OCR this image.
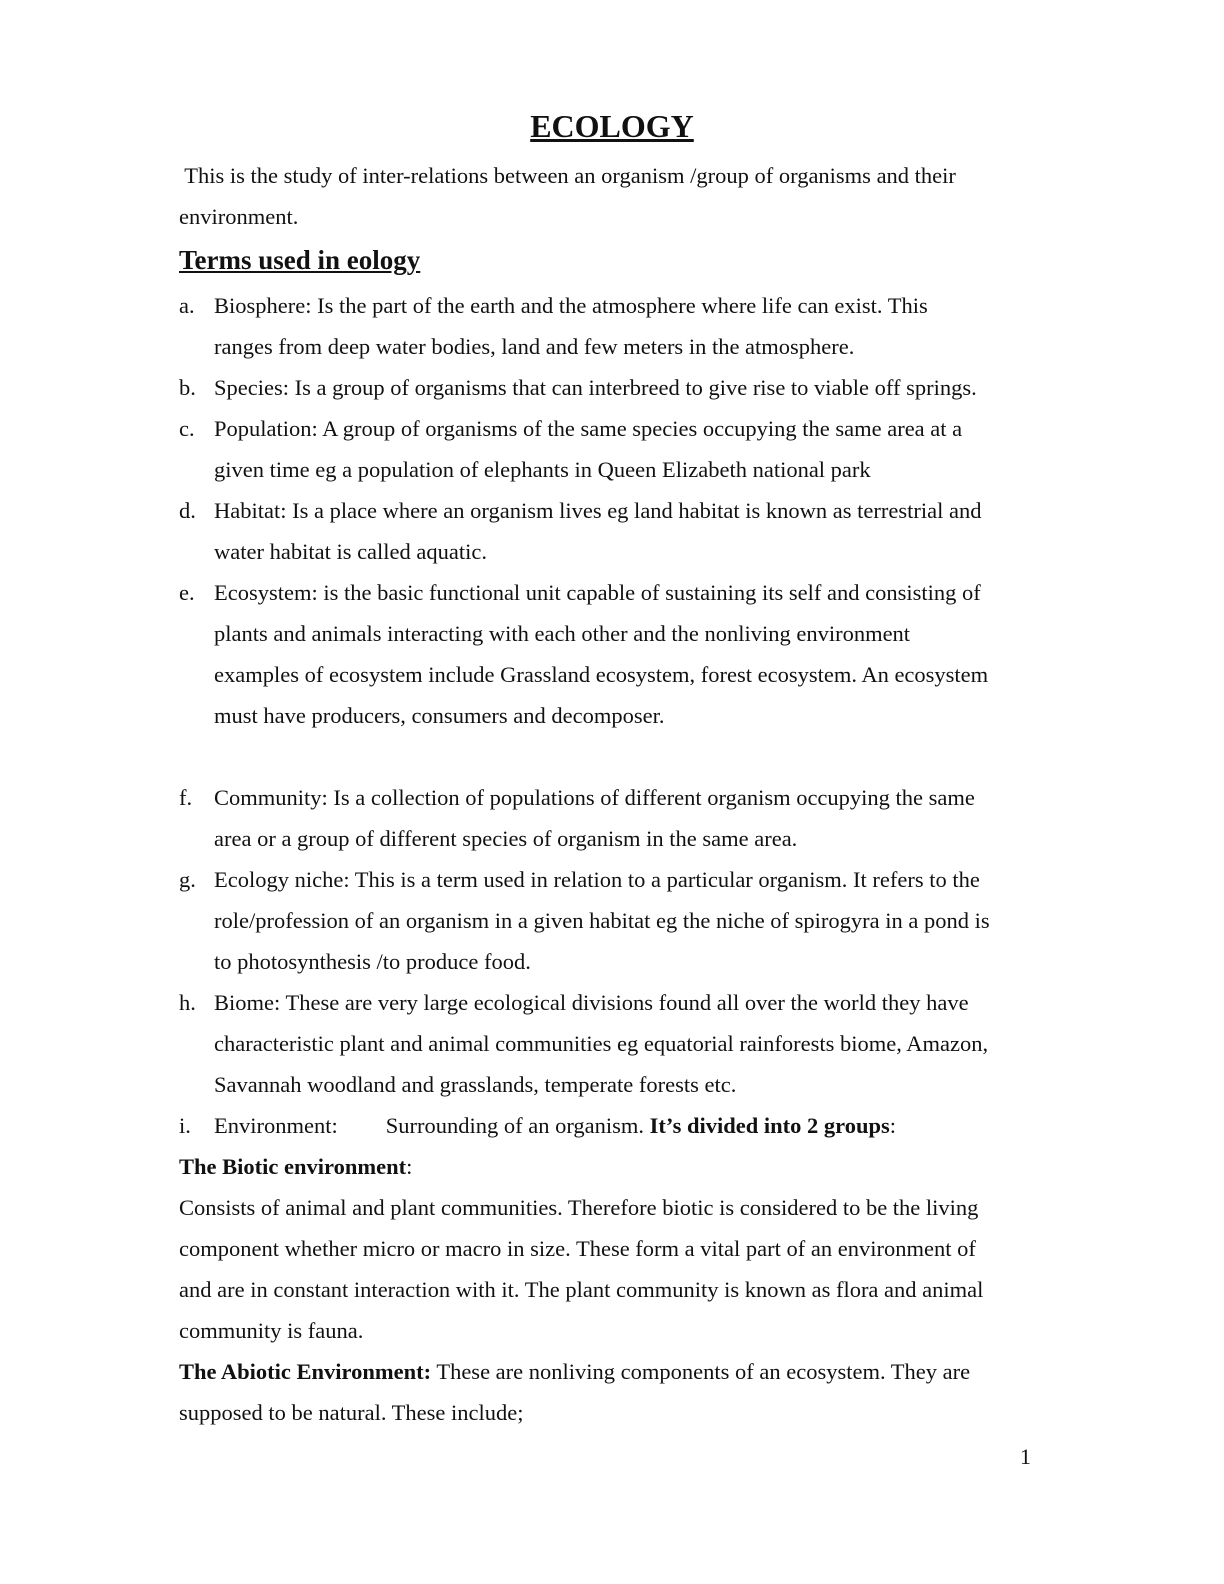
ECOLOGY
This is the study of inter-relations between an organism /group of organisms and their
environment.
Terms used in eology
a. Biosphere: Is the part of the earth and the atmosphere where life can exist. This
ranges from deep water bodies, land and few meters in the atmosphere.
b. Species: Is a group of organisms that can interbreed to give rise to viable off springs.
c. Population: A group of organisms of the same species occupying the same area at a
given time eg a population of elephants in Queen Elizabeth national park
d. Habitat: Is a place where an organism lives eg land habitat is known as terrestrial and
water habitat is called aquatic.
e. Ecosystem: is the basic functional unit capable of sustaining its self and consisting of
plants and animals interacting with each other and the nonliving environment
examples of ecosystem include Grassland ecosystem, forest ecosystem. An ecosystem
must have producers, consumers and decomposer.
f. Community: Is a collection of populations of different organism occupying the same
area or a group of different species of organism in the same area.
g. Ecology niche: This is a term used in relation to a particular organism. It refers to the
role/profession of an organism in a given habitat eg the niche of spirogyra in a pond is
to photosynthesis /to produce food.
h. Biome: These are very large ecological divisions found all over the world they have
characteristic plant and animal communities eg equatorial rainforests biome, Amazon,
Savannah woodland and grasslands, temperate forests etc.
i. Environment: Surrounding of an organism. It’s divided into 2 groups:
The Biotic environment:
Consists of animal and plant communities. Therefore biotic is considered to be the living
component whether micro or macro in size. These form a vital part of an environment of
and are in constant interaction with it. The plant community is known as flora and animal
community is fauna.
The Abiotic Environment: These are nonliving components of an ecosystem. They are
supposed to be natural. These include;
1
